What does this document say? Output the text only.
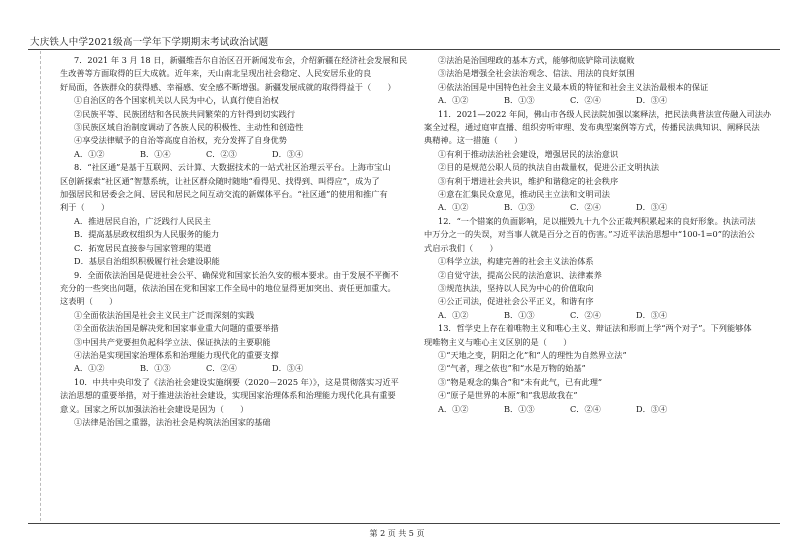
大庆铁人中学2021级高一学年下学期期末考试政治试题

7．2021 年 3 月 18 日，新疆维吾尔自治区召开新闻发布会，介绍新疆在经济社会发展和民

生改善等方面取得的巨大成就。近年来，天山南北呈现出社会稳定、人民安居乐业的良

好局面，各族群众的获得感、幸福感、安全感不断增强。新疆发展成就的取得得益于（　　）

①自治区的各个国家机关以人民为中心，认真行使自治权

②民族平等、民族团结和各民族共同繁荣的方针得到切实践行

③民族区域自治制度调动了各族人民的积极性、主动性和创造性

④享受法律赋予的自治等高度自治权，充分发挥了自身优势

A．①②	B．①④	C．②③	D．③④

8．“社区通”是基于互联网、云计算、大数据技术的一站式社区治理云平台。上海市宝山

区创新探索“社区通”智慧系统，让社区群众随时随地“看得见、找得到、叫得应”，成为了

加强居民和居委会之间、居民和居民之间互动交流的新媒体平台。“社区通”的使用和推广有

利于（　　）

A．推进居民自治，广泛践行人民民主

B．提高基层政权组织为人民服务的能力

C．拓宽居民直接参与国家管理的渠道

D．基层自治组织积极履行社会建设职能

9．全面依法治国是促进社会公平、确保党和国家长治久安的根本要求。由于发展不平衡不

充分的一些突出问题，依法治国在党和国家工作全局中的地位显得更加突出、责任更加重大。

这表明（　　）

①全面依法治国是社会主义民主广泛而深刻的实践

②全面依法治国是解决党和国家事业重大问题的重要举措

③中国共产党要担负起科学立法、保证执法的主要职能

④法治是实现国家治理体系和治理能力现代化的重要支撑

A．①②	B．①③	C．②④	D．③④

10．中共中央印发了《法治社会建设实施纲要（2020－2025 年）》，这是贯彻落实习近平

法治思想的重要举措，对于推进法治社会建设，实现国家治理体系和治理能力现代化具有重要

意义。国家之所以加强法治社会建设是因为（　　）

①法律是治国之重器，法治社会是构筑法治国家的基础

②法治是治国理政的基本方式，能够彻底铲除司法腐败

③法治是增强全社会法治观念、信法、用法的良好氛围

④依法治国是中国特色社会主义最本质的特征和社会主义法治最根本的保证

A．①②	B．①③	C．②④	D．③④

11．2021—2022 年间，佛山市各级人民法院加强以案释法，把民法典普法宣传融入司法办

案全过程，通过庭审直播、组织旁听审理、发布典型案例等方式，传播民法典知识、阐释民法

典精神。这一措施（　　）

①有利于推动法治社会建设，增强居民的法治意识

②目的是规范公职人员的执法自由裁量权，促进公正文明执法

③有利于增进社会共识，维护和谐稳定的社会秩序

④意在汇集民众意见，推动民主立法和文明司法

A．①②	B．①③	C．②④	D．③④

12．“一个错案的负面影响，足以摧毁九十九个公正裁判积累起来的良好形象。执法司法

中万分之一的失误，对当事人就是百分之百的伤害。”习近平法治思想中“100-1=0”的法治公

式启示我们（　　）

①科学立法，构建完善的社会主义法治体系

②自觉守法，提高公民的法治意识、法律素养

③规范执法，坚持以人民为中心的价值取向

④公正司法，促进社会公平正义，和谐有序

A．①②	B．①③	C．②④	D．③④

13．哲学史上存在着唯物主义和唯心主义、辩证法和形而上学“两个对子”。下列能够体

现唯物主义与唯心主义区别的是（　　）

①“天地之变，阴阳之化”和“人的理性为自然界立法”

②“气者，理之依也”和“水是万物的始基”

③“物是观念的集合”和“未有此气，已有此理”

④“原子是世界的本原”和“我思故我在”

A．①②	B．①③	C．②④	D．③④
第 2 页 共 5 页
